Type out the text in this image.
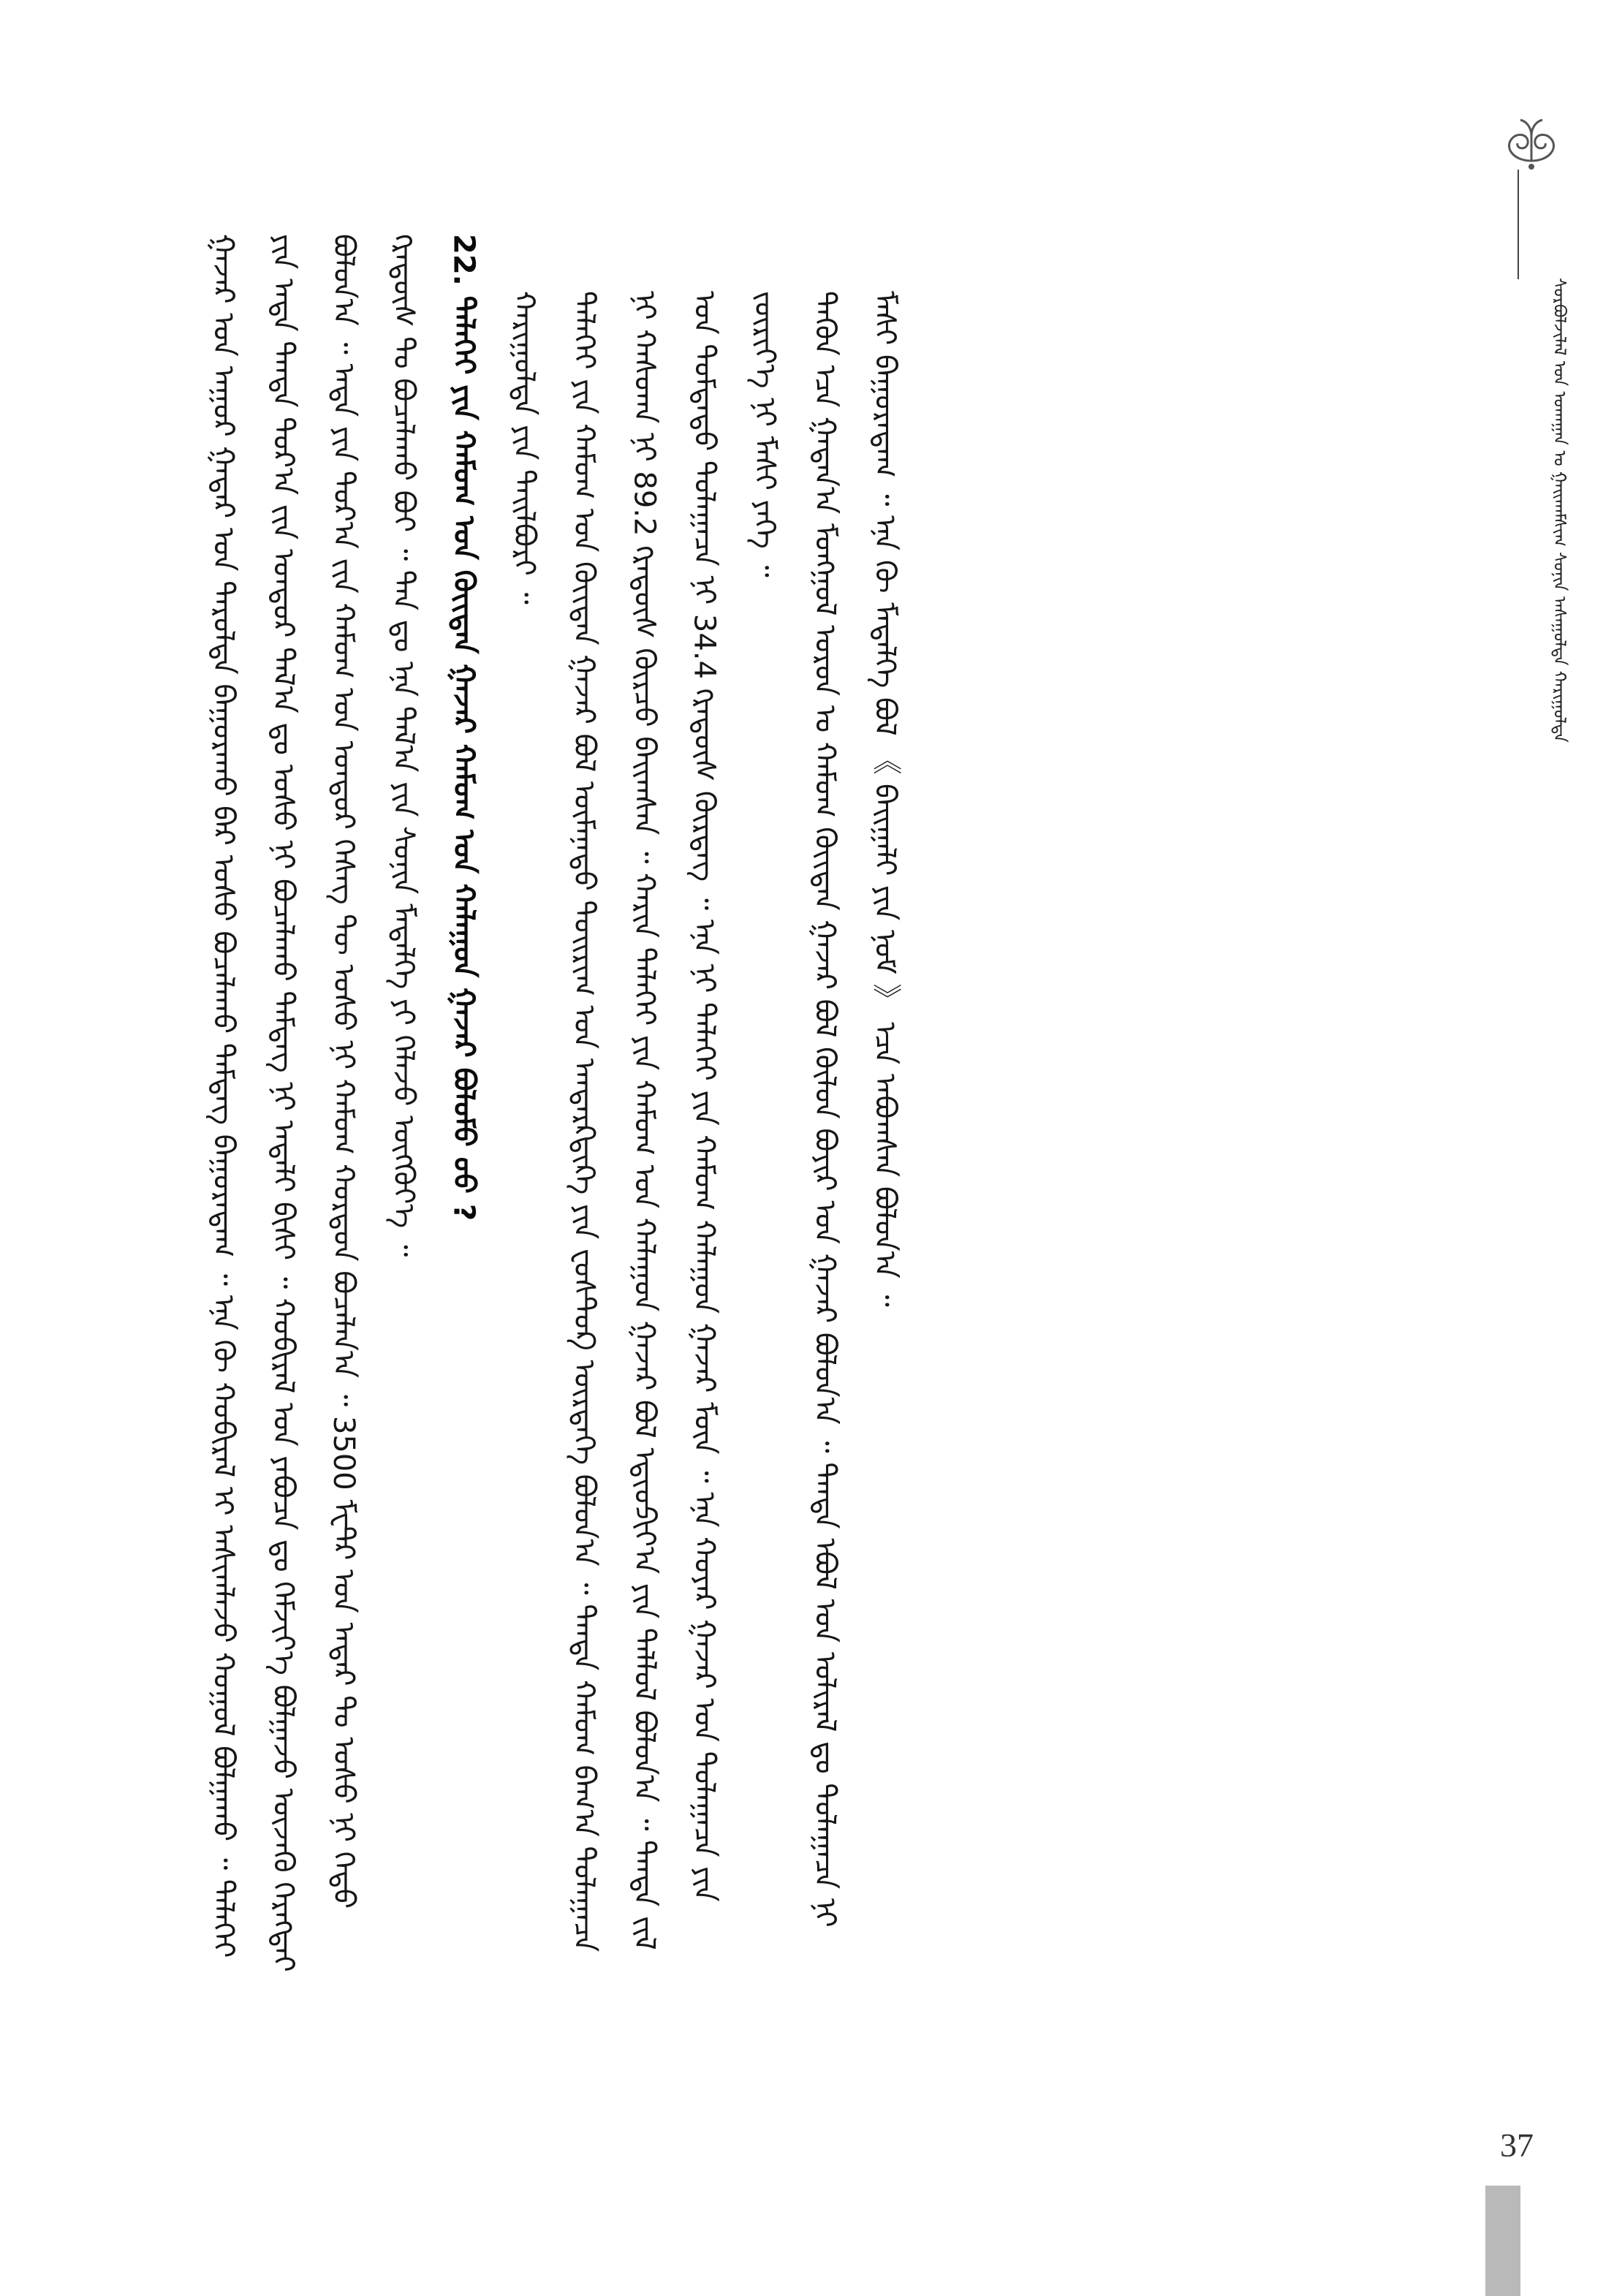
ᠰᠣᠷᠪᠤᠯᠵᠢᠯᠠᠯ ᠤᠨ ᠤᠬᠠᠭᠠᠨ ᠤ ᠭᠠᠢᠬᠠᠮᠰᠢᠭ ᠰᠣᠨᠢᠨ ᠠᠰᠠᠭᠤᠯᠲᠠ ᠬᠠᠷᠢᠭᠤᠯᠲᠠ

ᠭᠠᠵᠠᠷ ᠤᠨ ᠠᠭᠤᠷ ᠭᠠᠳᠠᠷ ᠤᠨ ᠳᠠᠷᠤᠯᠲᠠ ᠪᠠᠭᠤᠷᠠᠬᠤ ᠪᠠᠷ ᠤᠰᠤ ᠪᠤᠴᠠᠯᠠᠬᠤ ᠲᠡᠮᠳᠡᠭ ᠪᠠᠭᠤᠷᠠᠳᠠᠭ ᠃ ᠡᠨᠡ ᠬᠦ ᠬᠤᠪᠢᠷᠠᠯ ᠢ ᠠᠰᠢᠭᠯᠠᠵᠤ ᠬᠣᠭᠣᠯ ᠪᠣᠯᠭᠠᠬᠤ ᠃ ᠳᠡᠯᠡᠬᠡᠢ ᠶᠢᠨ ᠡᠨᠳᠡ ᠲᠠᠨᠳᠠ ᠳᠤᠷ᠎ᠠ ᠵᠢᠨ ᠤᠨᠳᠤᠷ ᠲᠠᠯ᠎ᠠ ᠳᠤ ᠤᠰᠤ ᠨᠢ ᠪᠤᠴᠠᠯᠠᠬᠤ ᠲᠡᠮᠳᠡᠭ ᠨᠢ ᠠᠳᠠᠯᠢ ᠪᠢᠰᠢ ᠃ ᠬᠤᠪᠢᠷᠠᠯ ᠤᠨ ᠶᠠᠪᠤᠴᠠ ᠳᠤ ᠬᠡᠮᠵᠢᠶ᠎ᠡ ᠪᠣᠯᠭᠠᠵᠤ ᠦᠵᠡᠬᠦ ᠬᠡᠷᠡᠭᠲᠡᠶ ᠪᠣᠯᠤᠨ᠎ᠠ ᠃ ᠡᠨᠳᠡ ᠶᠢᠨ ᠳᠤᠷ᠎ᠠ ᠵᠢᠨ ᠬᠠᠮᠤᠭ ᠤᠨ ᠤᠨᠳᠤᠷ ᠬᠡᠰᠡᠭ ᠲᠦ ᠤᠰᠤ ᠨᠢ ᠬᠠᠮᠤᠭ ᠬᠤᠷᠳᠤᠨ ᠪᠤᠴᠠᠯᠠᠨ᠎ᠠ ᠃ 3500 ᠮᠧᠲ᠋ᠷ ᠤᠨ ᠡᠨᠳᠡᠷ ᠲᠤ ᠤᠰᠤ ᠨᠢ ᠬᠡᠳᠦ ᠭᠷᠠᠳᠦ᠋ᠰ ᠲᠤ ᠪᠤᠴᠠᠯᠠᠬᠤ ᠪᠤᠢ ᠃ ᠲᠠᠨ ᠳᠤ ᠡᠨᠡ ᠲᠠᠯ᠎ᠠ ᠶᠢᠨ ᠰᠣᠨᠢᠨ ᠮᠡᠳᠡᠯᠭᠡ ᠶᠢ ᠬᠡᠯᠡᠵᠦ ᠦᠭᠭᠦᠶ᠎ᠡ ᠃ 22. ᠳᠡᠯᠡᠬᠡᠢ ᠶᠢᠨ ᠬᠠᠮᠤᠭ ᠤᠨ ᠬᠦᠢᠲᠡᠨ ᠭᠠᠵᠠᠷ ᠬᠠᠮᠤᠭ ᠤᠨ ᠬᠠᠯᠠᠭᠤᠨ ᠭᠠᠵᠠᠷ ᠪᠣᠯᠤᠮᠤ ᠤᠤ ? ᠬᠠᠷᠢᠭᠤᠯᠲᠠ ᠶᠢᠨ ᠲᠠᠢᠯᠪᠤᠷᠢ ᠃ ᠳᠡᠯᠡᠬᠡᠢ ᠶᠢᠨ ᠬᠠᠮᠤᠭ ᠤᠨ ᠬᠦᠢᠲᠡᠨ ᠭᠠᠵᠠᠷ ᠪᠣᠯ ᠥᠮᠡᠨᠡᠲᠦ ᠲᠣᠢᠷᠢᠭ ᠤᠨ ᠠᠨᠲᠠᠷᠺᠲᠢᠺᠠ ᠶᠢᠨ ᠸᠣᠰᠲ᠋ᠣᠺ ᠥᠷᠲᠡᠭᠡ ᠪᠣᠯᠤᠨ᠎ᠠ ᠃ ᠲᠡᠨᠳᠡ ᠬᠠᠮᠤᠭ ᠪᠠᠭ᠎ᠠ ᠳᠤᠯᠠᠭᠠᠴᠠ ᠨᠢ ᠬᠠᠰᠤᠬᠠ ᠨᠢ 89.2 ᠭᠷᠠᠳᠦ᠋ᠰ ᠬᠦᠷᠴᠦ ᠪᠠᠢᠭᠰᠠᠨ ᠃ ᠬᠠᠷᠢᠨ ᠳᠡᠯᠡᠬᠡᠢ ᠶᠢᠨ ᠬᠠᠮᠤᠭ ᠤᠨ ᠬᠠᠯᠠᠭᠤᠨ ᠭᠠᠵᠠᠷ ᠪᠣᠯ ᠡᠲᠢᠣᠫᠢᠶ᠎ᠠ ᠶᠢᠨ ᠳᠠᠯᠯᠣᠯ ᠪᠣᠯᠤᠨ᠎ᠠ ᠃ ᠲᠡᠨᠳᠡ ᠵᠢᠯ ᠤᠨ ᠳᠤᠮᠳᠠᠳᠤ ᠳᠤᠯᠠᠭᠠᠴᠠ ᠨᠢ 34.4 ᠭᠷᠠᠳᠦ᠋ᠰ ᠬᠦᠷᠳᠡᠭ ᠃ ᠡᠨᠡ ᠨᠢ ᠳᠡᠯᠡᠬᠡᠢ ᠶᠢᠨ ᠬᠠᠮᠤᠭ ᠬᠠᠯᠠᠭᠤᠨ ᠭᠠᠵᠠᠷ ᠮᠥᠨ ᠃ ᠡᠨᠡ ᠬᠣᠶᠠᠷ ᠭᠠᠵᠠᠷ ᠤᠨ ᠳᠤᠯᠠᠭᠠᠴᠠ ᠶᠢᠨ ᠵᠥᠷᠢᠶ᠎ᠡ ᠨᠢ ᠮᠠᠰᠢ ᠶᠡᠬᠡ ᠃ ᠲᠡᠭᠦᠨ ᠡᠴᠡ ᠭᠠᠳᠠᠨ᠎ᠠ ᠮᠣᠩᠭᠣᠯ ᠣᠷᠣᠨ ᠤ ᠬᠠᠮᠤᠭ ᠬᠦᠢᠲᠡᠨ ᠭᠠᠵᠠᠷ ᠪᠣᠯ ᠬᠥᠯᠥᠨ ᠪᠤᠶᠢᠷ ᠤᠨ ᠭᠠᠵᠠᠷ ᠪᠣᠯᠤᠨ᠎ᠠ ᠃ ᠲᠡᠨᠳᠡ ᠡᠪᠦᠯ ᠤᠨ ᠤᠯᠢᠷᠠᠯ ᠳᠤ ᠳᠤᠯᠠᠭᠠᠴᠠ ᠨᠢ ᠮᠠᠰᠢ ᠪᠠᠭᠤᠷᠠᠳᠠᠭ ᠃ ᠡᠨᠡ ᠬᠦ ᠮᠡᠳᠡᠯᠭᠡ ᠪᠣᠯ 《 ᠪᠠᠢᠭᠠᠯᠢ ᠶᠢᠨ ᠨᠣᠮ 》 ᠡᠴᠡ ᠠᠪᠤᠭᠰᠠᠨ ᠪᠣᠯᠤᠨ᠎ᠠ ᠃

37
